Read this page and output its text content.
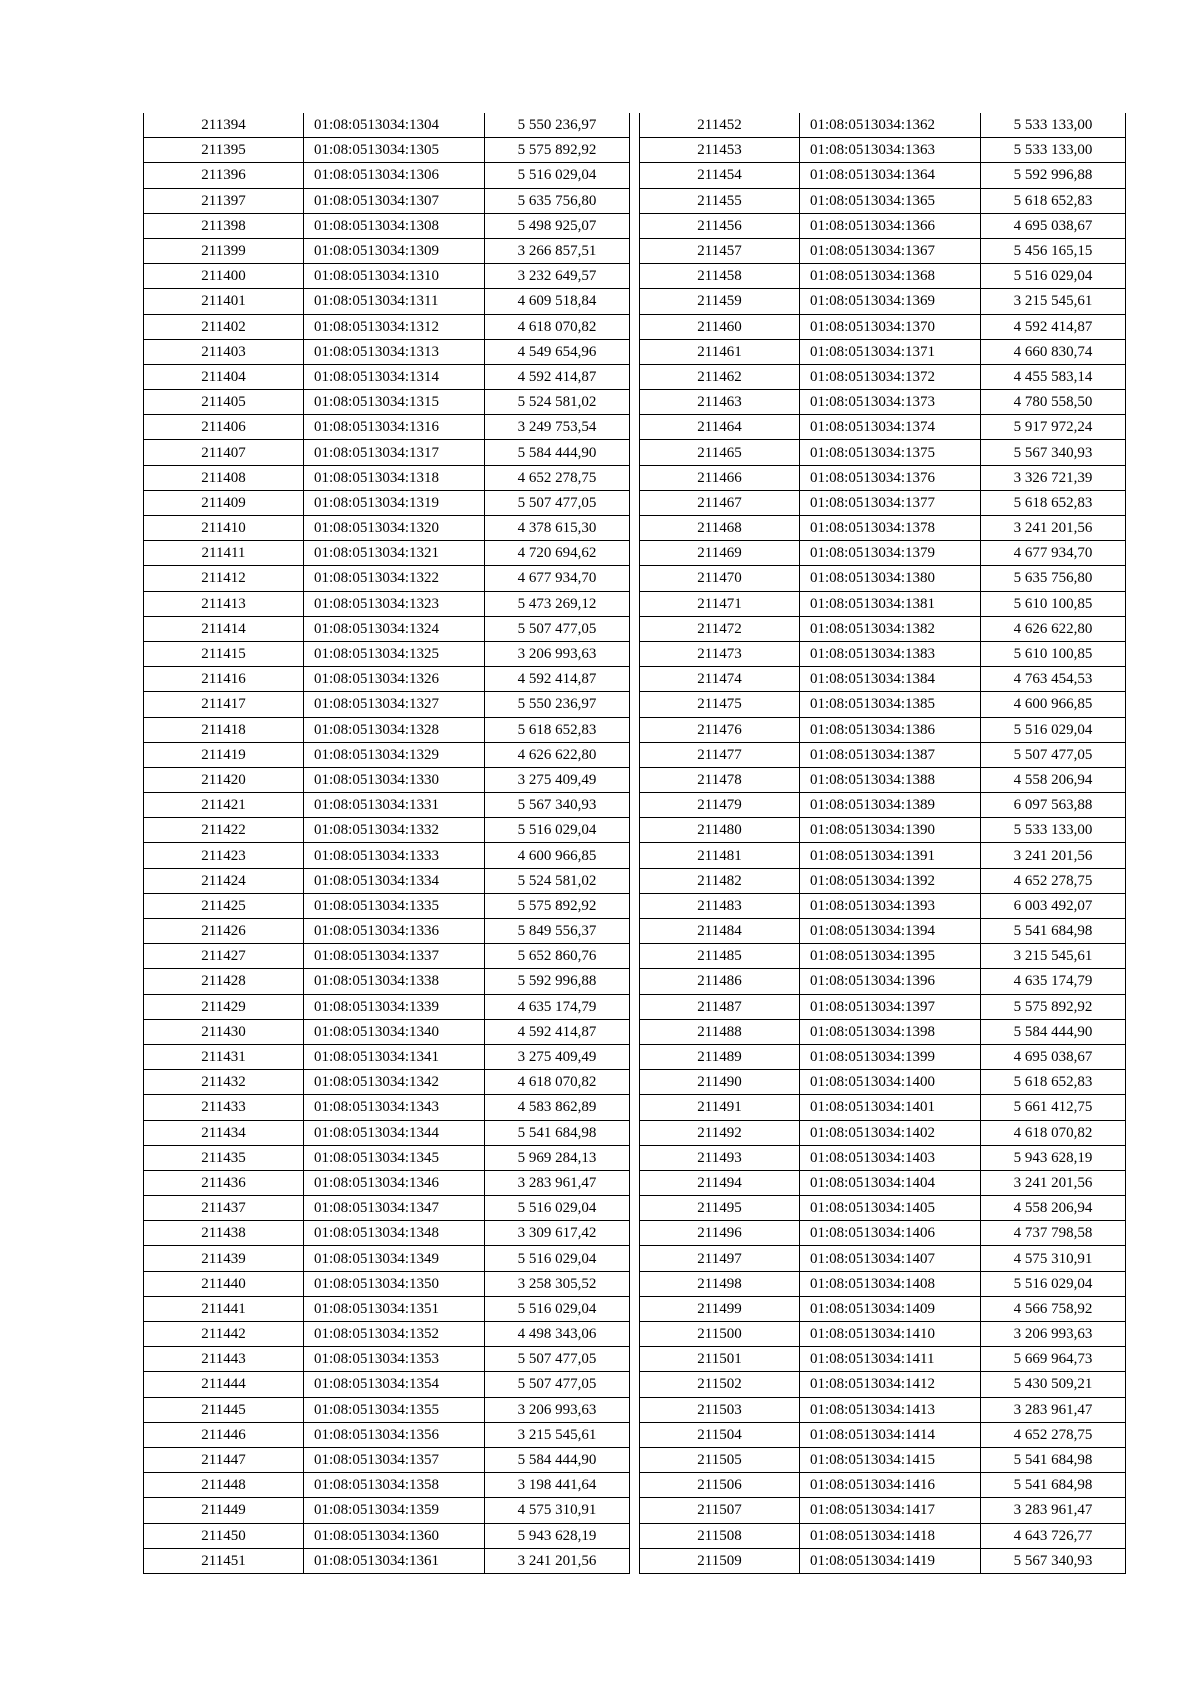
211394	01:08:0513034:1304	5 550 236,97
211395	01:08:0513034:1305	5 575 892,92
211396	01:08:0513034:1306	5 516 029,04
211397	01:08:0513034:1307	5 635 756,80
211398	01:08:0513034:1308	5 498 925,07
211399	01:08:0513034:1309	3 266 857,51
211400	01:08:0513034:1310	3 232 649,57
211401	01:08:0513034:1311	4 609 518,84
211402	01:08:0513034:1312	4 618 070,82
211403	01:08:0513034:1313	4 549 654,96
211404	01:08:0513034:1314	4 592 414,87
211405	01:08:0513034:1315	5 524 581,02
211406	01:08:0513034:1316	3 249 753,54
211407	01:08:0513034:1317	5 584 444,90
211408	01:08:0513034:1318	4 652 278,75
211409	01:08:0513034:1319	5 507 477,05
211410	01:08:0513034:1320	4 378 615,30
211411	01:08:0513034:1321	4 720 694,62
211412	01:08:0513034:1322	4 677 934,70
211413	01:08:0513034:1323	5 473 269,12
211414	01:08:0513034:1324	5 507 477,05
211415	01:08:0513034:1325	3 206 993,63
211416	01:08:0513034:1326	4 592 414,87
211417	01:08:0513034:1327	5 550 236,97
211418	01:08:0513034:1328	5 618 652,83
211419	01:08:0513034:1329	4 626 622,80
211420	01:08:0513034:1330	3 275 409,49
211421	01:08:0513034:1331	5 567 340,93
211422	01:08:0513034:1332	5 516 029,04
211423	01:08:0513034:1333	4 600 966,85
211424	01:08:0513034:1334	5 524 581,02
211425	01:08:0513034:1335	5 575 892,92
211426	01:08:0513034:1336	5 849 556,37
211427	01:08:0513034:1337	5 652 860,76
211428	01:08:0513034:1338	5 592 996,88
211429	01:08:0513034:1339	4 635 174,79
211430	01:08:0513034:1340	4 592 414,87
211431	01:08:0513034:1341	3 275 409,49
211432	01:08:0513034:1342	4 618 070,82
211433	01:08:0513034:1343	4 583 862,89
211434	01:08:0513034:1344	5 541 684,98
211435	01:08:0513034:1345	5 969 284,13
211436	01:08:0513034:1346	3 283 961,47
211437	01:08:0513034:1347	5 516 029,04
211438	01:08:0513034:1348	3 309 617,42
211439	01:08:0513034:1349	5 516 029,04
211440	01:08:0513034:1350	3 258 305,52
211441	01:08:0513034:1351	5 516 029,04
211442	01:08:0513034:1352	4 498 343,06
211443	01:08:0513034:1353	5 507 477,05
211444	01:08:0513034:1354	5 507 477,05
211445	01:08:0513034:1355	3 206 993,63
211446	01:08:0513034:1356	3 215 545,61
211447	01:08:0513034:1357	5 584 444,90
211448	01:08:0513034:1358	3 198 441,64
211449	01:08:0513034:1359	4 575 310,91
211450	01:08:0513034:1360	5 943 628,19
211451	01:08:0513034:1361	3 241 201,56
211452	01:08:0513034:1362	5 533 133,00
211453	01:08:0513034:1363	5 533 133,00
211454	01:08:0513034:1364	5 592 996,88
211455	01:08:0513034:1365	5 618 652,83
211456	01:08:0513034:1366	4 695 038,67
211457	01:08:0513034:1367	5 456 165,15
211458	01:08:0513034:1368	5 516 029,04
211459	01:08:0513034:1369	3 215 545,61
211460	01:08:0513034:1370	4 592 414,87
211461	01:08:0513034:1371	4 660 830,74
211462	01:08:0513034:1372	4 455 583,14
211463	01:08:0513034:1373	4 780 558,50
211464	01:08:0513034:1374	5 917 972,24
211465	01:08:0513034:1375	5 567 340,93
211466	01:08:0513034:1376	3 326 721,39
211467	01:08:0513034:1377	5 618 652,83
211468	01:08:0513034:1378	3 241 201,56
211469	01:08:0513034:1379	4 677 934,70
211470	01:08:0513034:1380	5 635 756,80
211471	01:08:0513034:1381	5 610 100,85
211472	01:08:0513034:1382	4 626 622,80
211473	01:08:0513034:1383	5 610 100,85
211474	01:08:0513034:1384	4 763 454,53
211475	01:08:0513034:1385	4 600 966,85
211476	01:08:0513034:1386	5 516 029,04
211477	01:08:0513034:1387	5 507 477,05
211478	01:08:0513034:1388	4 558 206,94
211479	01:08:0513034:1389	6 097 563,88
211480	01:08:0513034:1390	5 533 133,00
211481	01:08:0513034:1391	3 241 201,56
211482	01:08:0513034:1392	4 652 278,75
211483	01:08:0513034:1393	6 003 492,07
211484	01:08:0513034:1394	5 541 684,98
211485	01:08:0513034:1395	3 215 545,61
211486	01:08:0513034:1396	4 635 174,79
211487	01:08:0513034:1397	5 575 892,92
211488	01:08:0513034:1398	5 584 444,90
211489	01:08:0513034:1399	4 695 038,67
211490	01:08:0513034:1400	5 618 652,83
211491	01:08:0513034:1401	5 661 412,75
211492	01:08:0513034:1402	4 618 070,82
211493	01:08:0513034:1403	5 943 628,19
211494	01:08:0513034:1404	3 241 201,56
211495	01:08:0513034:1405	4 558 206,94
211496	01:08:0513034:1406	4 737 798,58
211497	01:08:0513034:1407	4 575 310,91
211498	01:08:0513034:1408	5 516 029,04
211499	01:08:0513034:1409	4 566 758,92
211500	01:08:0513034:1410	3 206 993,63
211501	01:08:0513034:1411	5 669 964,73
211502	01:08:0513034:1412	5 430 509,21
211503	01:08:0513034:1413	3 283 961,47
211504	01:08:0513034:1414	4 652 278,75
211505	01:08:0513034:1415	5 541 684,98
211506	01:08:0513034:1416	5 541 684,98
211507	01:08:0513034:1417	3 283 961,47
211508	01:08:0513034:1418	4 643 726,77
211509	01:08:0513034:1419	5 567 340,93
